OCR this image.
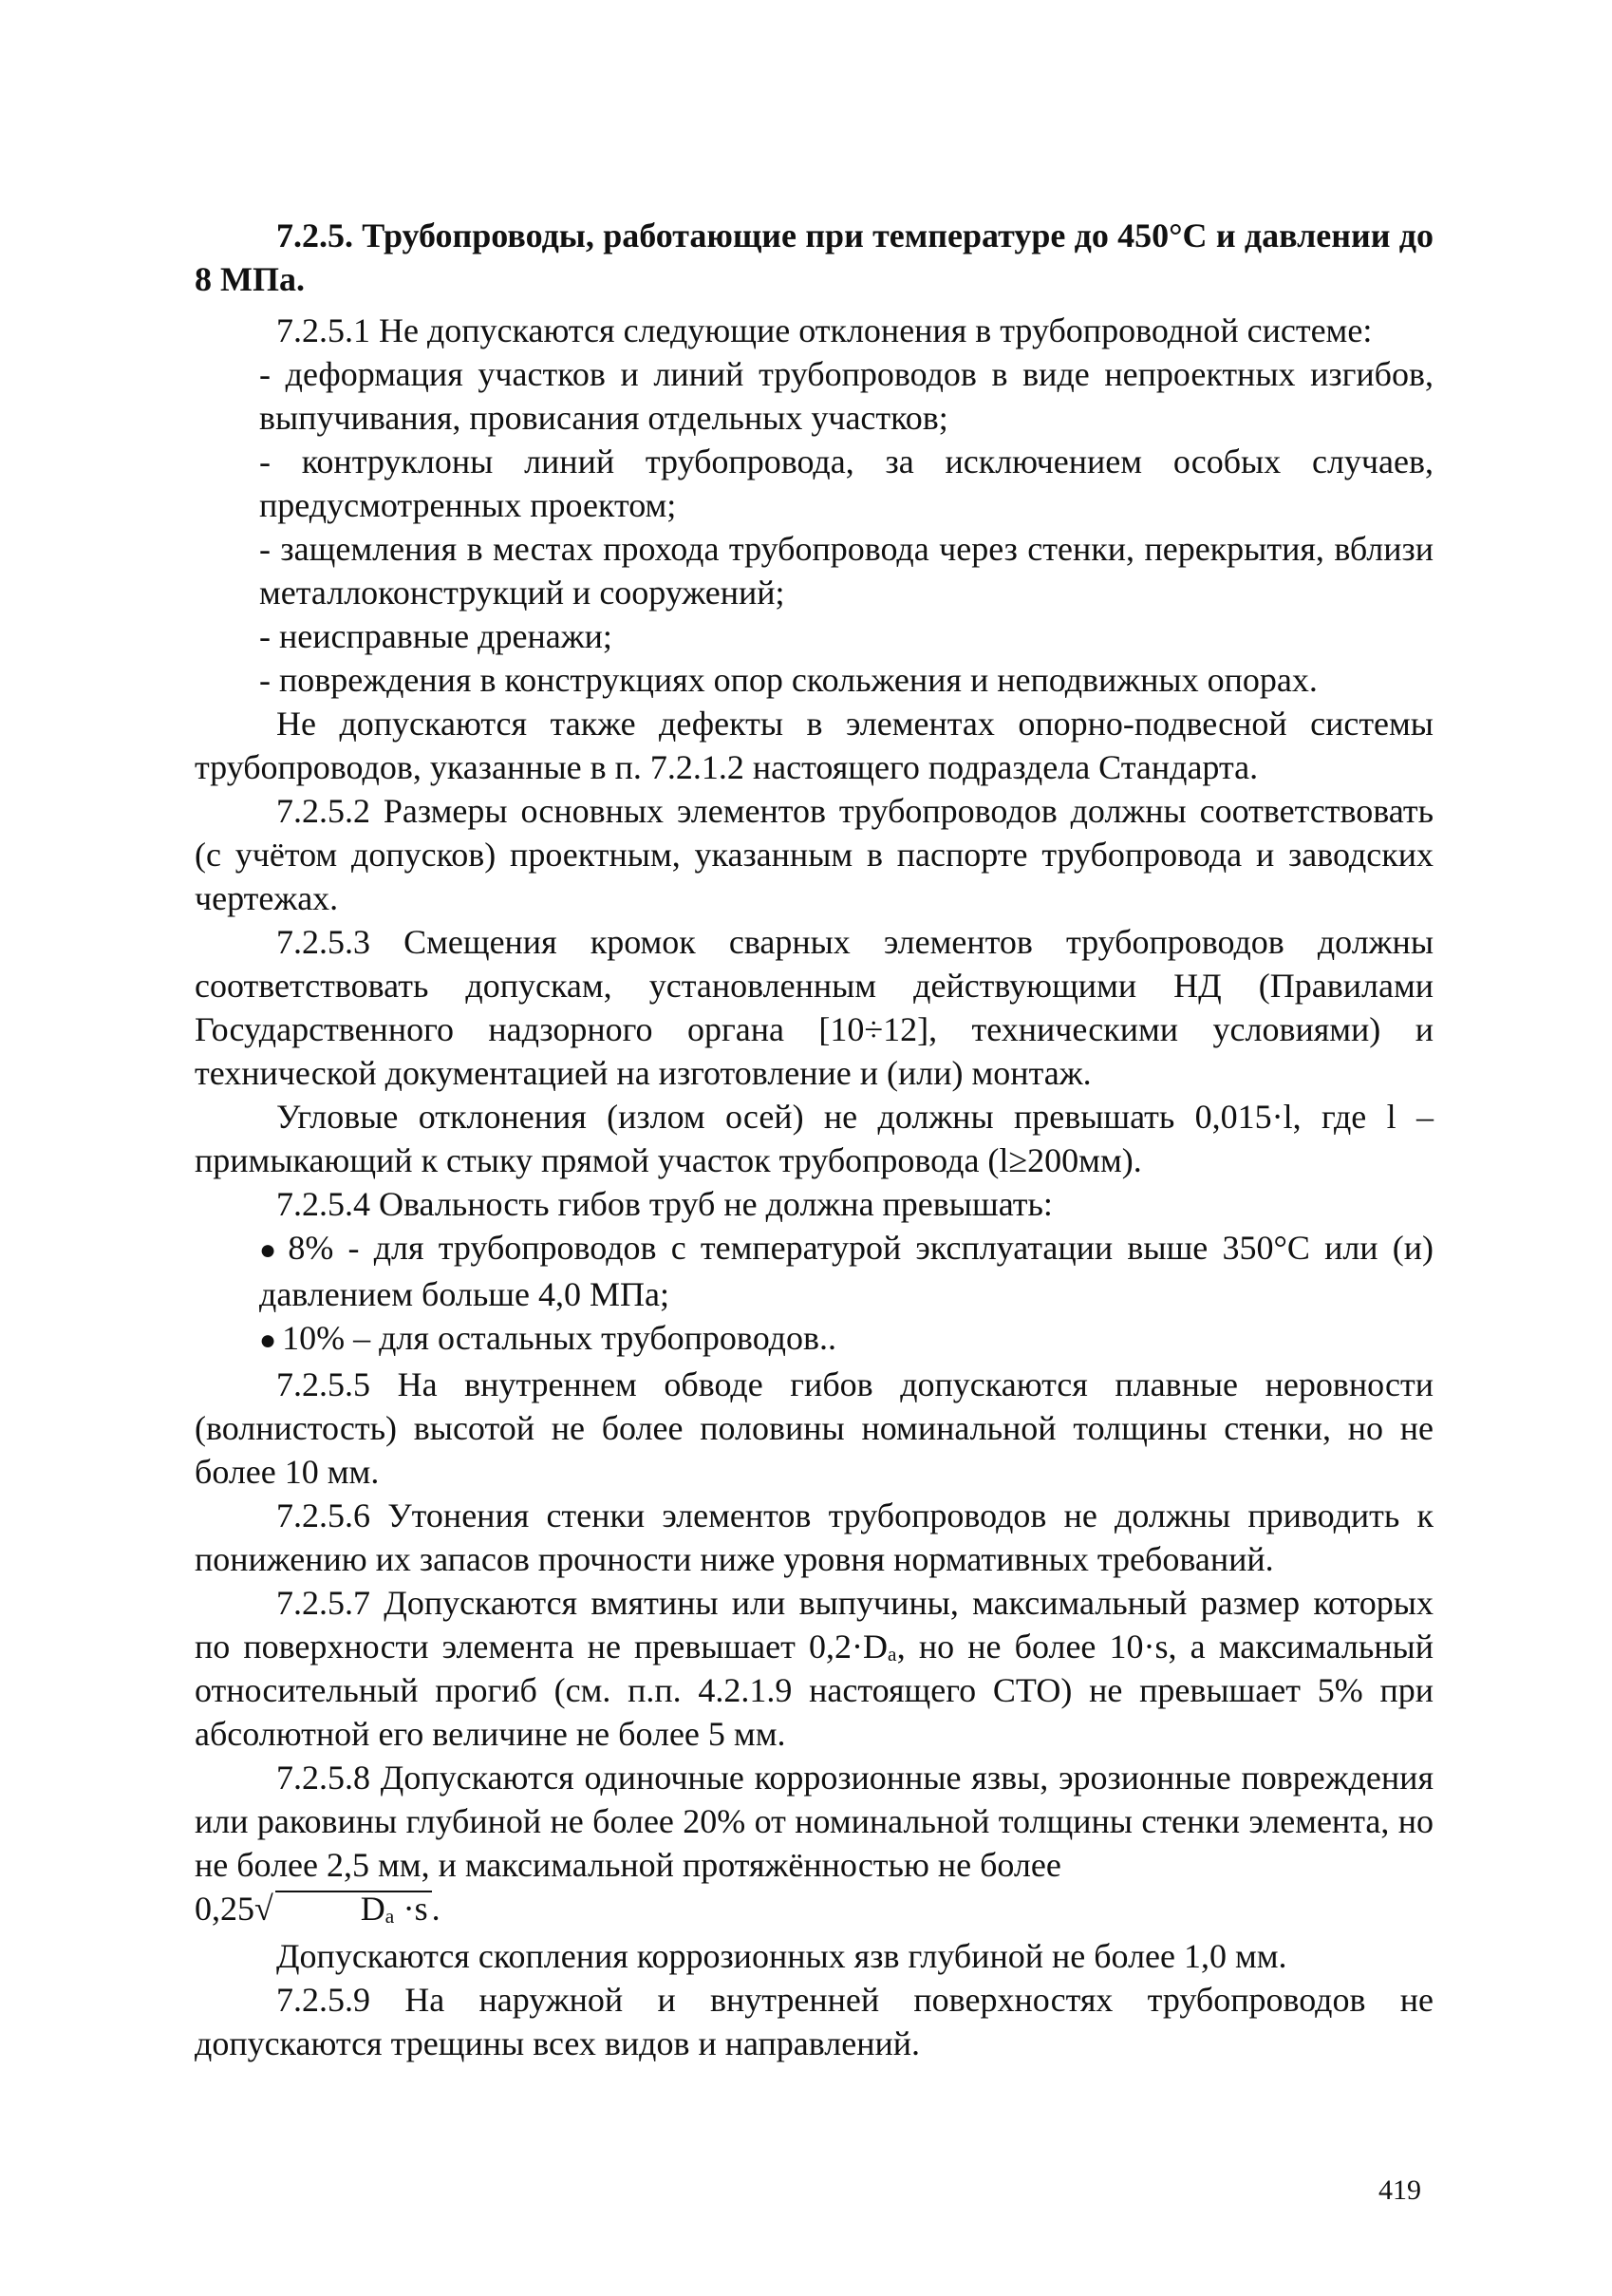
7.2.5. Трубопроводы, работающие при температуре до 450°С и давлении до 8 МПа.

7.2.5.1 Не допускаются следующие отклонения в трубопроводной системе:

- деформация участков и линий трубопроводов в виде непроектных изгибов, выпучивания, провисания отдельных участков;

- контруклоны линий трубопровода, за исключением особых случаев, предусмотренных проектом;

- защемления в местах прохода трубопровода через стенки, перекрытия, вблизи металлоконструкций и сооружений;

- неисправные дренажи;

- повреждения в конструкциях опор скольжения и неподвижных опорах.

Не допускаются также дефекты в элементах опорно-подвесной системы трубопроводов, указанные в п. 7.2.1.2 настоящего подраздела Стандарта.

7.2.5.2 Размеры основных элементов трубопроводов должны соответствовать (с учётом допусков) проектным, указанным в паспорте трубопровода и заводских чертежах.

7.2.5.3 Смещения кромок сварных элементов трубопроводов должны соответствовать допускам, установленным действующими НД (Правилами Государственного надзорного органа [10÷12], техническими условиями) и технической документацией на изготовление и (или) монтаж.

Угловые отклонения (излом осей) не должны превышать 0,015·l, где l – примыкающий к стыку прямой участок трубопровода (l≥200мм).

7.2.5.4 Овальность гибов труб не должна превышать:

● 8% - для трубопроводов с температурой эксплуатации выше 350°С или (и) давлением больше 4,0 МПа;

● 10% – для остальных трубопроводов..

7.2.5.5 На внутреннем обводе гибов допускаются плавные неровности (волнистость) высотой не более половины номинальной толщины стенки, но не более 10 мм.

7.2.5.6 Утонения стенки элементов трубопроводов не должны приводить к понижению их запасов прочности ниже уровня нормативных требований.

7.2.5.7 Допускаются вмятины или выпучины, максимальный размер которых по поверхности элемента не превышает 0,2·Dₐ, но не более 10·s, а максимальный относительный прогиб (см. п.п. 4.2.1.9 настоящего СТО) не превышает 5% при абсолютной его величине не более 5 мм.

7.2.5.8 Допускаются одиночные коррозионные язвы, эрозионные повреждения или раковины глубиной не более 20% от номинальной толщины стенки элемента, но не более 2,5 мм, и максимальной протяжённостью не более
0,25√	Dₐ ·s .

Допускаются скопления коррозионных язв глубиной не более 1,0 мм.

7.2.5.9 На наружной и внутренней поверхностях трубопроводов не допускаются трещины всех видов и направлений.

419
